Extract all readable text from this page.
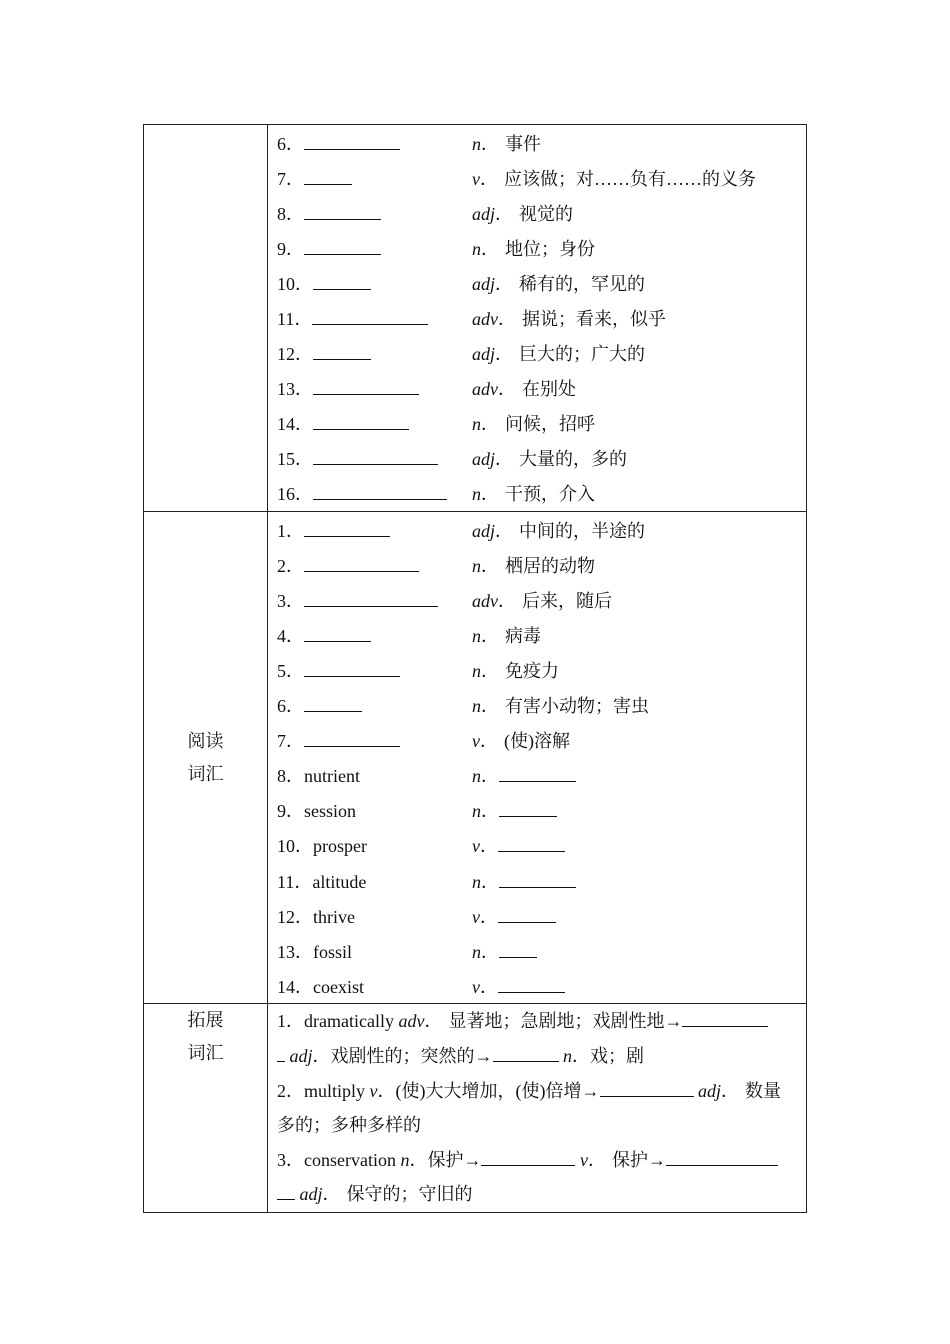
6．	n． 事件
7．	v． 应该做；对……负有……的义务
8．	adj． 视觉的
9．	n． 地位；身份
10．	adj． 稀有的，罕见的
11．	adv． 据说；看来，似乎
12．	adj． 巨大的；广大的
13．	adv． 在别处
14．	n． 问候，招呼
15．	adj． 大量的，多的
16．	n． 干预，介入
阅读
词汇
1．	adj． 中间的，半途的
2．	n． 栖居的动物
3．	adv． 后来，随后
4．	n． 病毒
5．	n． 免疫力
6．	n． 有害小动物；害虫
7．	v． (使)溶解
8．nutrient	n．
9．session	n．
10．prosper	v．
11．altitude	n．
12．thrive	v．
13．fossil	n．
14．coexist	v．
拓展
词汇

1．dramatically adv． 显著地；急剧地；戏剧性地→
adj．戏剧性的；突然的→	n．戏；剧

2．multiply v．(使)大大增加，(使)倍增→	adj． 数量多的；多种多样的

3．conservation n．保护→	v． 保护→
adj． 保守的；守旧的
